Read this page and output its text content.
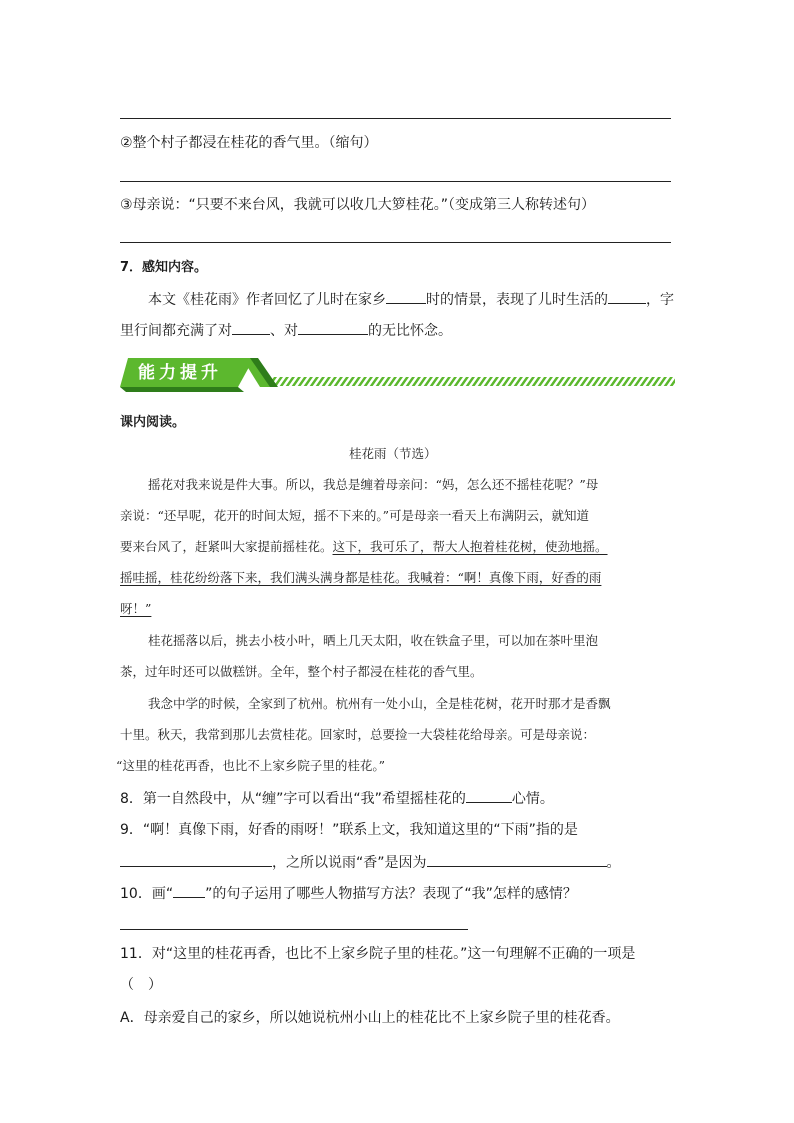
②整个村子都浸在桂花的香气里。（缩句）
③母亲说：“只要不来台风，我就可以收几大箩桂花。”（变成第三人称转述句）
7．感知内容。
本文《桂花雨》作者回忆了儿时在家乡	时的情景，表现了儿时生活的	，字
里行间都充满了对	、对	的无比怀念。
能力提升
课内阅读。
桂花雨（节选）
摇花对我来说是件大事。所以，我总是缠着母亲问：“妈，怎么还不摇桂花呢？”母
亲说：“还早呢，花开的时间太短，摇不下来的。”可是母亲一看天上布满阴云，就知道
要来台风了，赶紧叫大家提前摇桂花。这下，我可乐了，帮大人抱着桂花树，使劲地摇。
摇哇摇，桂花纷纷落下来，我们满头满身都是桂花。我喊着：“啊！真像下雨，好香的雨
呀！”
桂花摇落以后，挑去小枝小叶，晒上几天太阳，收在铁盒子里，可以加在茶叶里泡
茶，过年时还可以做糕饼。全年，整个村子都浸在桂花的香气里。
我念中学的时候，全家到了杭州。杭州有一处小山，全是桂花树，花开时那才是香飘
十里。秋天，我常到那儿去赏桂花。回家时，总要捡一大袋桂花给母亲。可是母亲说：
“这里的桂花再香，也比不上家乡院子里的桂花。”
8．第一自然段中，从“缠”字可以看出“我”希望摇桂花的	心情。
9．“啊！真像下雨，好香的雨呀！”联系上文，我知道这里的“下雨”指的是
，之所以说雨“香”是因为	。
10．画“ ”的句子运用了哪些人物描写方法？表现了“我”怎样的感情？
11．对“这里的桂花再香，也比不上家乡院子里的桂花。”这一句理解不正确的一项是
（　）
A．母亲爱自己的家乡，所以她说杭州小山上的桂花比不上家乡院子里的桂花香。
